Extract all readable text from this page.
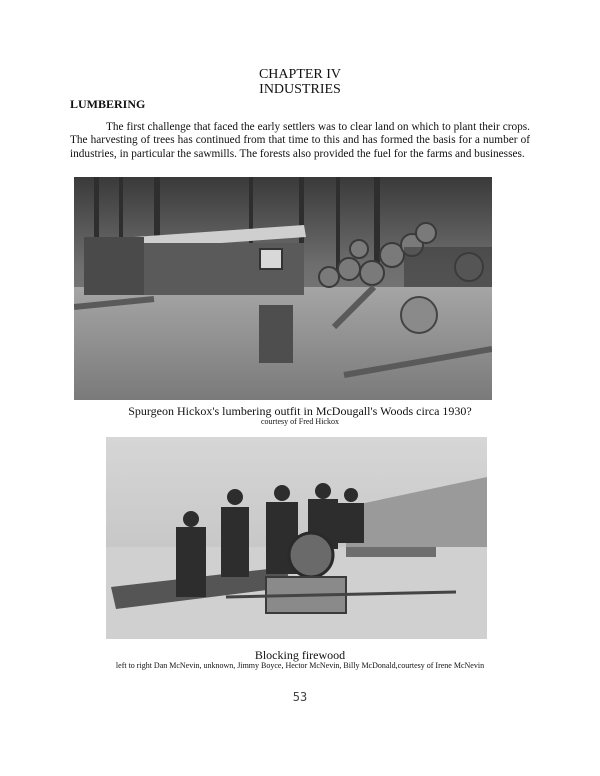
CHAPTER IV
INDUSTRIES
LUMBERING

The first challenge that faced the early settlers was to clear land on which to plant their crops. The harvesting of trees has continued from that time to this and has formed the basis for a number of industries, in particular the sawmills. The forests also provided the fuel for the farms and businesses.

Spurgeon Hickox's lumbering outfit in McDougall's Woods circa 1930?
courtesy of Fred Hickox
Blocking firewood
left to right Dan McNevin, unknown, Jimmy Boyce, Hector McNevin, Billy McDonald,courtesy of Irene McNevin
53
